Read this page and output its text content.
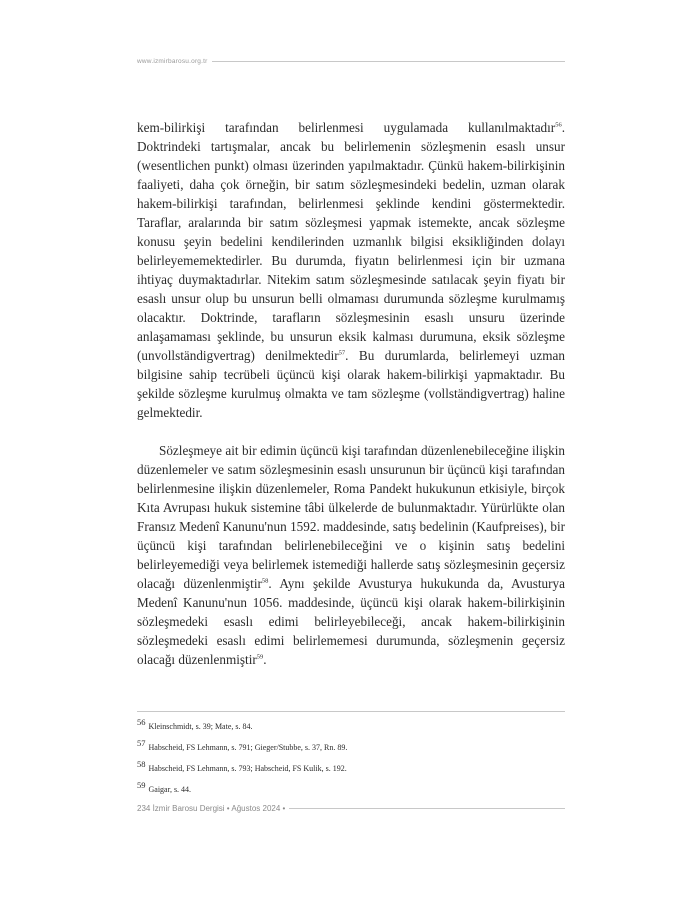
www.izmirbarosu.org.tr

kem-bilirkişi tarafından belirlenmesi uygulamada kullanılmaktadır$^{56}$. Doktrindeki tartışmalar, ancak bu belirlemenin sözleşmenin esaslı unsur (wesentlichen punkt) olması üzerinden yapılmaktadır. Çünkü hakem-bilirkişinin faaliyeti, daha çok örneğin, bir satım sözleşmesindeki bedelin, uzman olarak hakem-bilirkişi tarafından, belirlenmesi şeklinde kendini göstermektedir. Taraflar, aralarında bir satım sözleşmesi yapmak istemekte, ancak sözleşme konusu şeyin bedelini kendilerinden uzmanlık bilgisi eksikliğinden dolayı belirleyememektedirler. Bu durumda, fiyatın belirlenmesi için bir uzmana ihtiyaç duymaktadırlar. Nitekim satım sözleşmesinde satılacak şeyin fiyatı bir esaslı unsur olup bu unsurun belli olmaması durumunda sözleşme kurulmamış olacaktır. Doktrinde, tarafların sözleşmesinin esaslı unsuru üzerinde anlaşamaması şeklinde, bu unsurun eksik kalması durumuna, eksik sözleşme (unvollständigvertrag) denilmektedir$^{57}$. Bu durumlarda, belirlemeyi uzman bilgisine sahip tecrübeli üçüncü kişi olarak hakem-bilirkişi yapmaktadır. Bu şekilde sözleşme kurulmuş olmakta ve tam sözleşme (vollständigvertrag) haline gelmektedir.

Sözleşmeye ait bir edimin üçüncü kişi tarafından düzenlenebileceğine ilişkin düzenlemeler ve satım sözleşmesinin esaslı unsurunun bir üçüncü kişi tarafından belirlenmesine ilişkin düzenlemeler, Roma Pandekt hukukunun etkisiyle, birçok Kıta Avrupası hukuk sistemine tâbi ülkelerde de bulunmaktadır. Yürürlükte olan Fransız Medenî Kanunu'nun 1592. maddesinde, satış bedelinin (Kaufpreises), bir üçüncü kişi tarafından belirlenebileceğini ve o kişinin satış bedelini belirleyemediği veya belirlemek istemediği hallerde satış sözleşmesinin geçersiz olacağı düzenlenmiştir$^{58}$. Aynı şekilde Avusturya hukukunda da, Avusturya Medenî Kanunu'nun 1056. maddesinde, üçüncü kişi olarak hakem-bilirkişinin sözleşmedeki esaslı edimi belirleyebileceği, ancak hakem-bilirkişinin sözleşmedeki esaslı edimi belirlememesi durumunda, sözleşmenin geçersiz olacağı düzenlenmiştir$^{59}$.

56 Kleinschmidt, s. 39; Mate, s. 84.

57 Habscheid, FS Lehmann, s. 791; Gieger/Stubbe, s. 37, Rn. 89.

58 Habscheid, FS Lehmann, s. 793; Habscheid, FS Kulik, s. 192.

59 Gaigar, s. 44.

234 İzmir Barosu Dergisi • Ağustos 2024 •
